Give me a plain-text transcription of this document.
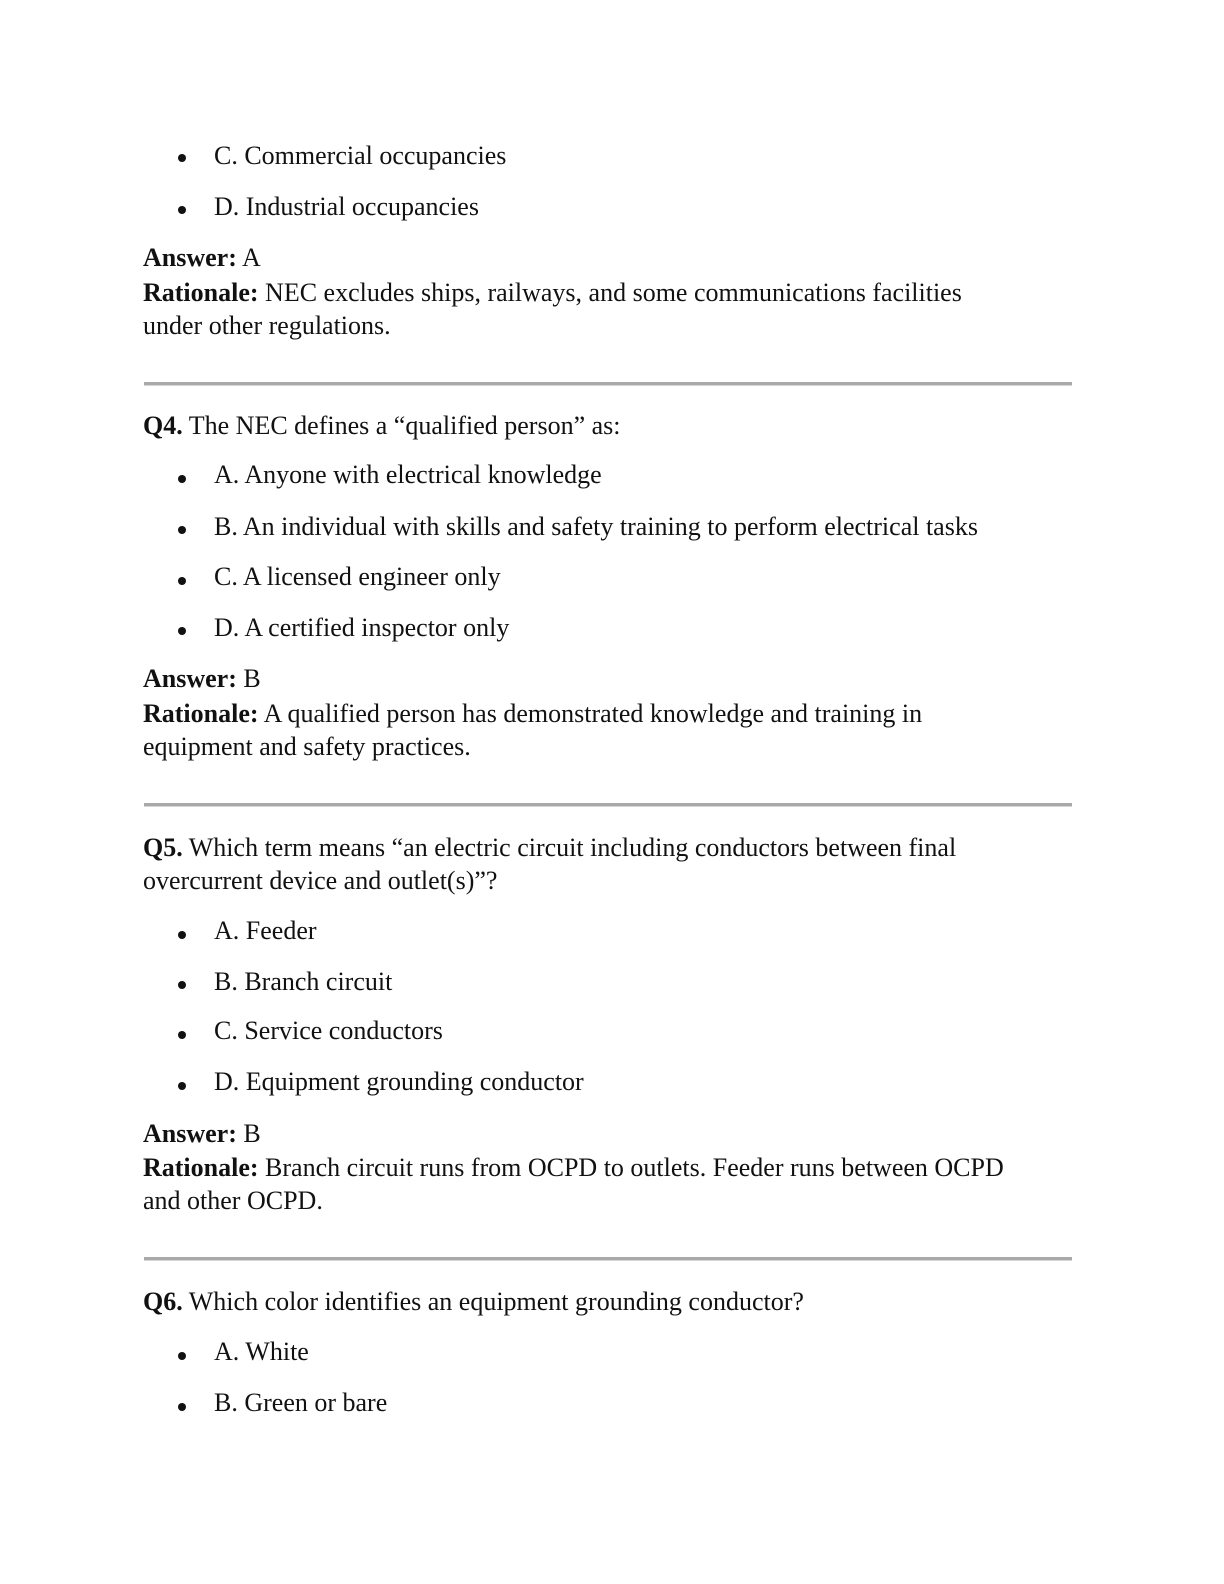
C. Commercial occupancies
D. Industrial occupancies
Answer: A
Rationale: NEC excludes ships, railways, and some communications facilities
under other regulations.
Q4. The NEC defines a “qualified person” as:
A. Anyone with electrical knowledge
B. An individual with skills and safety training to perform electrical tasks
C. A licensed engineer only
D. A certified inspector only
Answer: B
Rationale: A qualified person has demonstrated knowledge and training in
equipment and safety practices.
Q5. Which term means “an electric circuit including conductors between final
overcurrent device and outlet(s)”?
A. Feeder
B. Branch circuit
C. Service conductors
D. Equipment grounding conductor
Answer: B
Rationale: Branch circuit runs from OCPD to outlets. Feeder runs between OCPD
and other OCPD.
Q6. Which color identifies an equipment grounding conductor?
A. White
B. Green or bare
